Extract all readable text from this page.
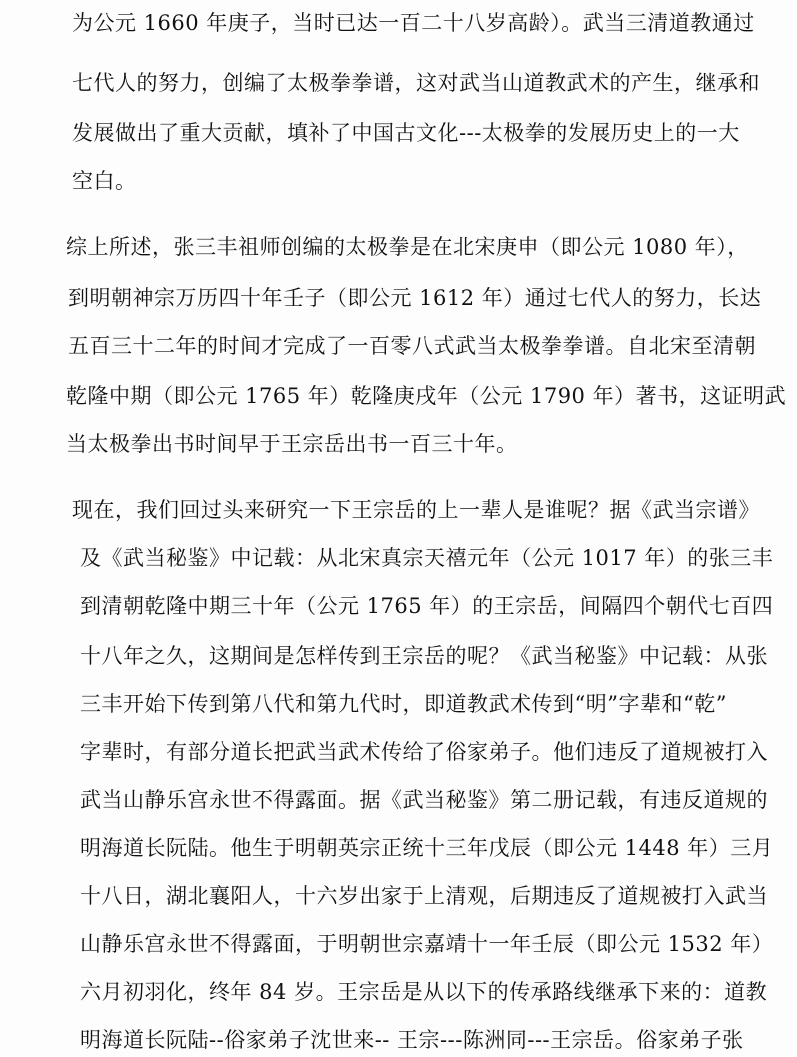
为公元 1660 年庚子，当时已达一百二十八岁高龄）。武当三清道教通过
七代人的努力，创编了太极拳拳谱，这对武当山道教武术的产生，继承和
发展做出了重大贡献，填补了中国古文化---太极拳的发展历史上的一大
空白。
综上所述，张三丰祖师创编的太极拳是在北宋庚申（即公元 1080 年），
到明朝神宗万历四十年壬子（即公元 1612 年）通过七代人的努力，长达
五百三十二年的时间才完成了一百零八式武当太极拳拳谱。自北宋至清朝
乾隆中期（即公元 1765 年）乾隆庚戌年（公元 1790 年）著书，这证明武
当太极拳出书时间早于王宗岳出书一百三十年。
现在，我们回过头来研究一下王宗岳的上一辈人是谁呢？据《武当宗谱》
及《武当秘鉴》中记载：从北宋真宗天禧元年（公元 1017 年）的张三丰
到清朝乾隆中期三十年（公元 1765 年）的王宗岳，间隔四个朝代七百四
十八年之久，这期间是怎样传到王宗岳的呢？《武当秘鉴》中记载：从张
三丰开始下传到第八代和第九代时，即道教武术传到“明”字辈和“乾”
字辈时，有部分道长把武当武术传给了俗家弟子。他们违反了道规被打入
武当山静乐宫永世不得露面。据《武当秘鉴》第二册记载，有违反道规的
明海道长阮陆。他生于明朝英宗正统十三年戊辰（即公元 1448 年）三月
十八日，湖北襄阳人，十六岁出家于上清观，后期违反了道规被打入武当
山静乐宫永世不得露面，于明朝世宗嘉靖十一年壬辰（即公元 1532 年）
六月初羽化，终年 84 岁。王宗岳是从以下的传承路线继承下来的：道教
明海道长阮陆--俗家弟子沈世来-- 王宗---陈洲同---王宗岳。俗家弟子张
